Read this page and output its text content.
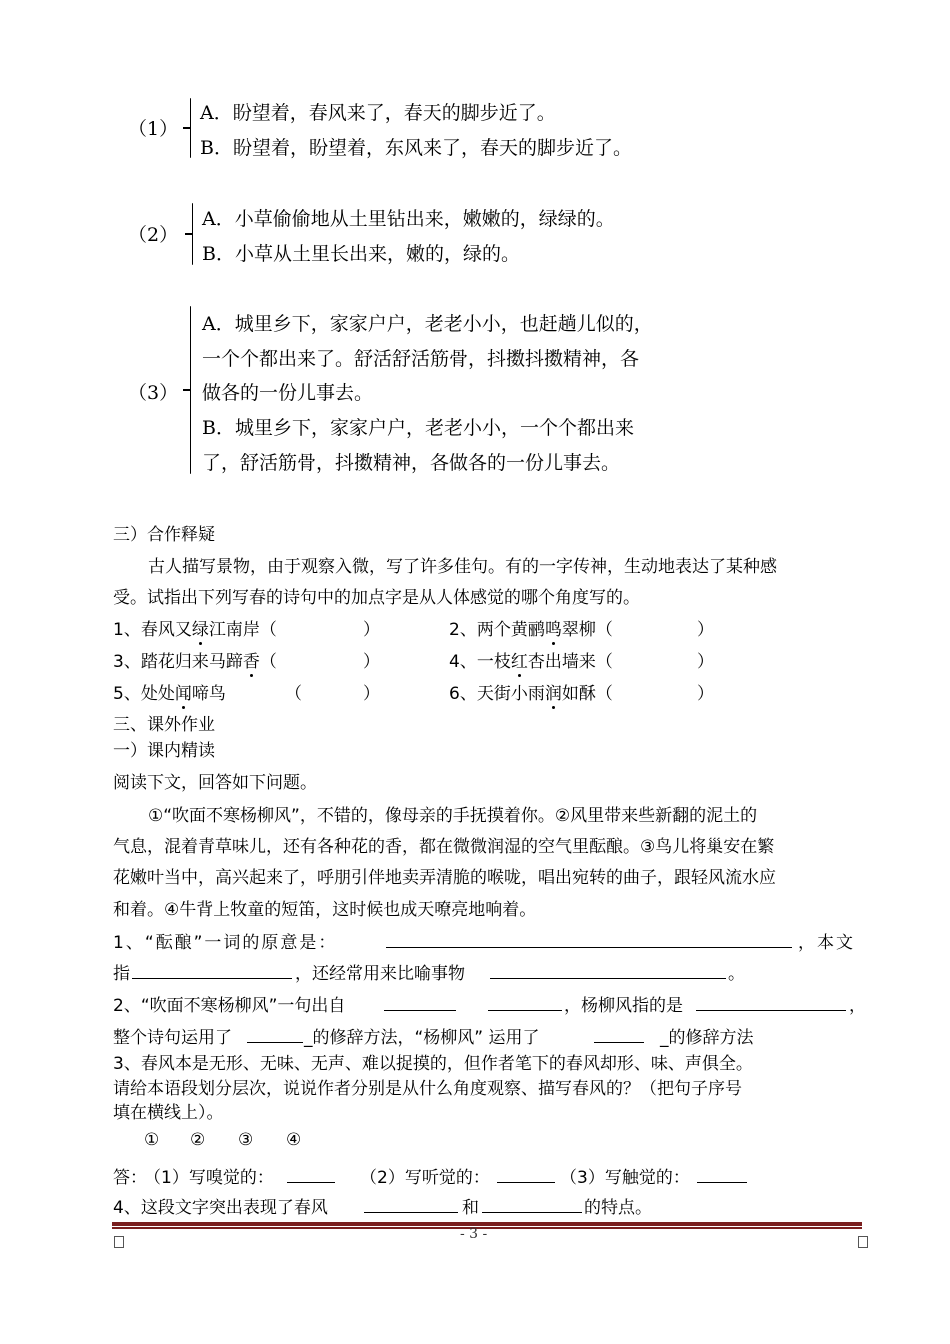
（1）
A．盼望着，春风来了，春天的脚步近了。
B．盼望着，盼望着，东风来了，春天的脚步近了。
（2）
A．小草偷偷地从土里钻出来，嫩嫩的，绿绿的。
B．小草从土里长出来，嫩的，绿的。
（3）
A．城里乡下，家家户户，老老小小，也赶趟儿似的，
一个个都出来了。舒活舒活筋骨，抖擞抖擞精神，各
做各的一份儿事去。
B．城里乡下，家家户户，老老小小，一个个都出来
了，舒活筋骨，抖擞精神，各做各的一份儿事去。
三）合作释疑
古人描写景物，由于观察入微，写了许多佳句。有的一字传神，生动地表达了某种感
受。试指出下列写春的诗句中的加点字是从人体感觉的哪个角度写的。
1、春风又绿江南岸（	）	2、两个黄鹂鸣翠柳（	）
3、踏花归来马蹄香（	）	4、一枝红杏出墙来（	）
5、处处闻啼鸟	（	）	6、天街小雨润如酥（	）
三、课外作业
一）课内精读
阅读下文，回答如下问题。
①“吹面不寒杨柳风”，不错的，像母亲的手抚摸着你。②风里带来些新翻的泥土的
气息，混着青草味儿，还有各种花的香，都在微微润湿的空气里酝酿。③鸟儿将巢安在繁
花嫩叶当中，高兴起来了，呼朋引伴地卖弄清脆的喉咙，唱出宛转的曲子，跟轻风流水应
和着。④牛背上牧童的短笛，这时候也成天嘹亮地响着。
1、“酝酿”一词的原意是：	，本文
指	，还经常用来比喻事物	。
2、“吹面不寒杨柳风”一句出自	，杨柳风指的是	，
整个诗句运用了	_的修辞方法，“杨柳风” 运用了	_的修辞方法
3、春风本是无形、无味、无声、难以捉摸的，但作者笔下的春风却形、味、声俱全。
请给本语段划分层次，说说作者分别是从什么角度观察、描写春风的？（把句子序号
填在横线上）。
① ② ③ ④
答：
（1）写嗅觉的：	（2）写听觉的：	（3）写触觉的：
4、这段文字突出表现了春风	和	的特点。
- 3 -
